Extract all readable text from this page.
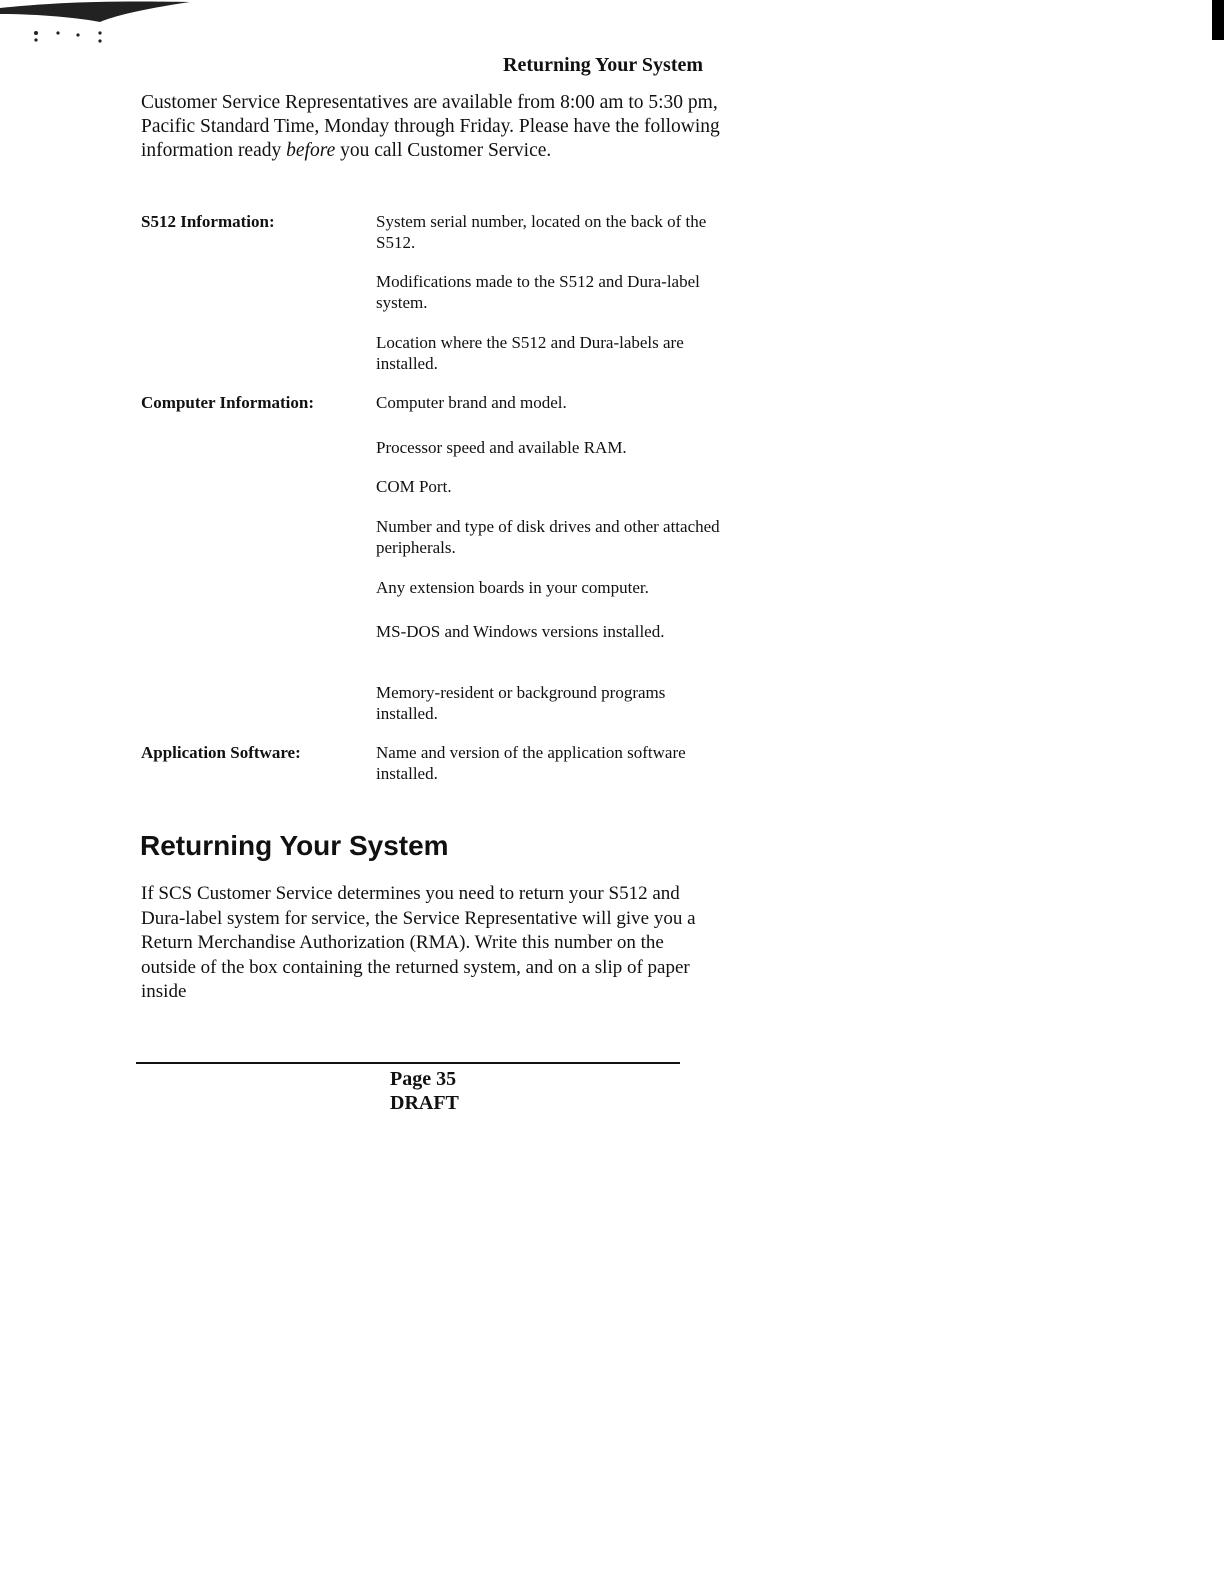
Returning Your System

Customer Service Representatives are available from 8:00 am to 5:30 pm, Pacific Standard Time, Monday through Friday. Please have the following information ready before you call Customer Service.

S512 Information:	System serial number, located on the back of the S512.

Modifications made to the S512 and Dura-label system.

Location where the S512 and Dura-labels are installed.

Computer Information:	Computer brand and model.

Processor speed and available RAM.

COM Port.

Number and type of disk drives and other attached peripherals.

Any extension boards in your computer.

MS-DOS and Windows versions installed.

Memory-resident or background programs installed.

Application Software:	Name and version of the application software installed.

Returning Your System

If SCS Customer Service determines you need to return your S512 and Dura-label system for service, the Service Representative will give you a Return Merchandise Authorization (RMA). Write this number on the outside of the box containing the returned system, and on a slip of paper inside

Page 35
DRAFT
